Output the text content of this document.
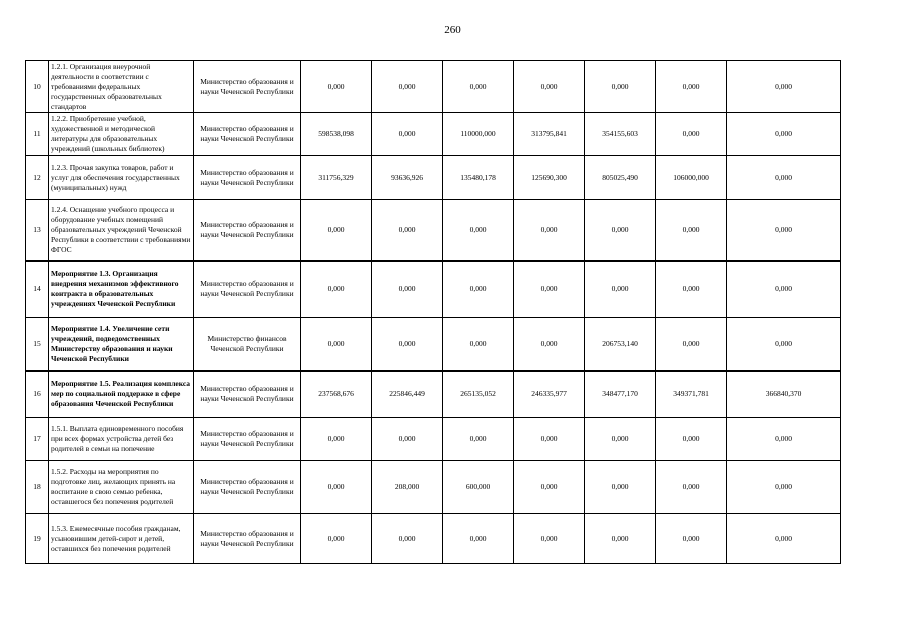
260
10	1.2.1. Организация внеурочной деятельности в соответствии с требованиями федеральных государственных образовательных стандартов	Министерство образования и науки Чеченской Республики	0,000	0,000	0,000	0,000	0,000	0,000	0,000
11	1.2.2. Приобретение учебной, художественной и методической литературы для образовательных учреждений (школьных библиотек)	Министерство образования и науки Чеченской Республики	598538,098	0,000	110000,000	313795,841	354155,603	0,000	0,000
12	1.2.3. Прочая закупка товаров, работ и услуг для обеспечения государственных (муниципальных) нужд	Министерство образования и науки Чеченской Республики	311756,329	93636,926	135480,178	125690,300	805025,490	106000,000	0,000
13	1.2.4. Оснащение учебного процесса и оборудование учебных помещений образовательных учреждений Чеченской Республики в соответствии с требованиями ФГОС	Министерство образования и науки Чеченской Республики	0,000	0,000	0,000	0,000	0,000	0,000	0,000
14	Мероприятие 1.3. Организация внедрения механизмов эффективного контракта в образовательных учреждениях Чеченской Республики	Министерство образования и науки Чеченской Республики	0,000	0,000	0,000	0,000	0,000	0,000	0,000
15	Мероприятие 1.4. Увеличение сети учреждений, подведомственных Министерству образования и науки Чеченской Республики	Министерство финансов Чеченской Республики	0,000	0,000	0,000	0,000	206753,140	0,000	0,000
16	Мероприятие 1.5. Реализация комплекса мер по социальной поддержке в сфере образования Чеченской Республики	Министерство образования и науки Чеченской Республики	237568,676	225846,449	265135,052	246335,977	348477,170	349371,781	366840,370
17	1.5.1. Выплата единовременного пособия при всех формах устройства детей без родителей в семьи на попечение	Министерство образования и науки Чеченской Республики	0,000	0,000	0,000	0,000	0,000	0,000	0,000
18	1.5.2. Расходы на мероприятия по подготовке лиц, желающих принять на воспитание в свою семью ребенка, оставшегося без попечения родителей	Министерство образования и науки Чеченской Республики	0,000	208,000	600,000	0,000	0,000	0,000	0,000
19	1.5.3. Ежемесячные пособия гражданам, усыновившим детей-сирот и детей, оставшихся без попечения родителей	Министерство образования и науки Чеченской Республики	0,000	0,000	0,000	0,000	0,000	0,000	0,000
